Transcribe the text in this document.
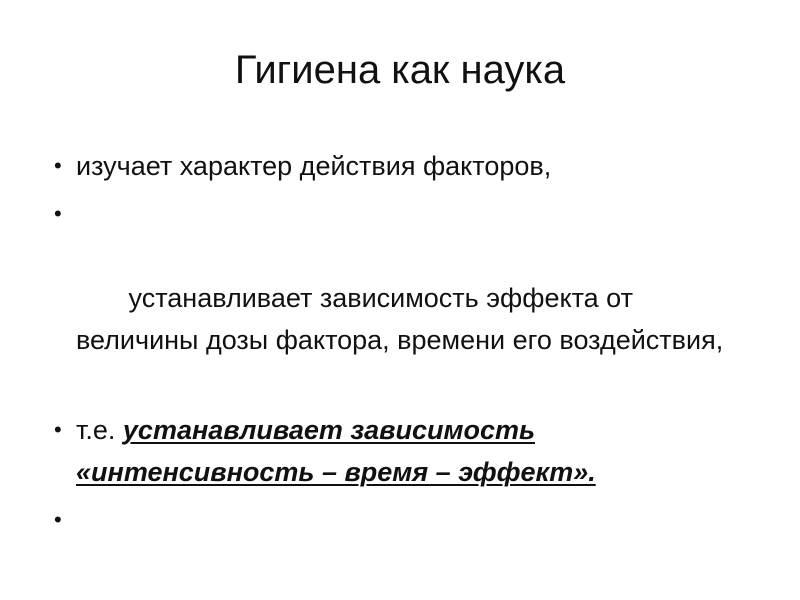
Гигиена как наука
• изучает характер действия факторов,

•

устанавливает зависимость эффекта от величины дозы фактора, времени его воздействия,

• т.е. устанавливает зависимость «интенсивность – время – эффект».
•
